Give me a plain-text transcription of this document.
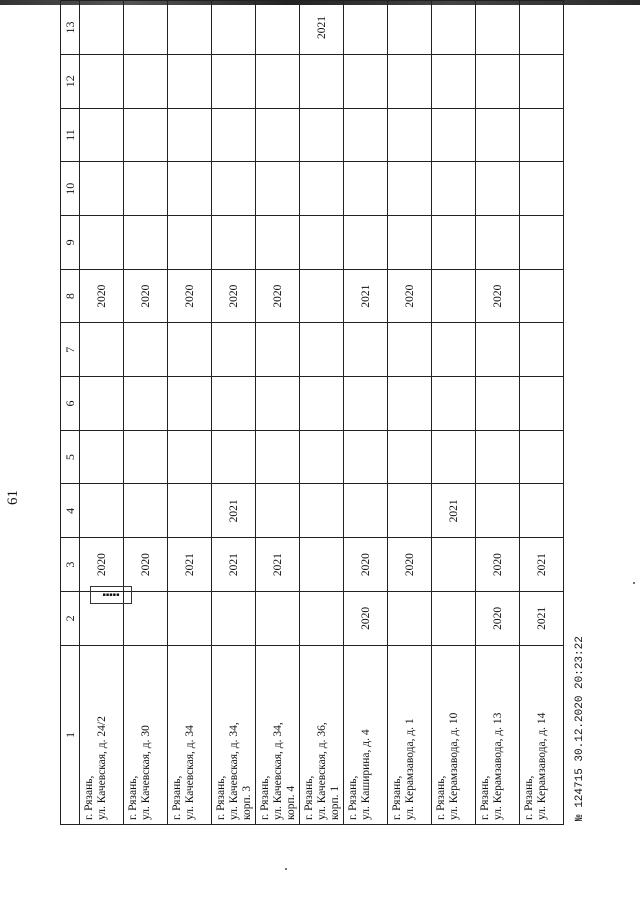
61
1	2	3	4	5	6	7	8	9	10	11	12	13

г. Рязань, ул. Качевская, д. 24/2		2020					2020					

г. Рязань, ул. Качевская, д. 30		2020					2020					

г. Рязань, ул. Качевская, д. 34		2021					2020					

г. Рязань, ул. Качевская, д. 34, корп. 3		2021	2021				2020					

г. Рязань, ул. Качевская, д. 34, корп. 4		2021					2020					

г. Рязань, ул. Качевская, д. 36, корп. 1												2021

г. Рязань, ул. Каширина, д. 4	2020	2020					2021					

г. Рязань, ул. Керамзавода, д. 1		2020					2020					

г. Рязань, ул. Керамзавода, д. 10			2021									

г. Рязань, ул. Керамзавода, д. 13	2020	2020					2020					

г. Рязань, ул. Керамзавода, д. 14	2021	2021										
№ 124715 30.12.2020 20:23:22
▪▪▪▪▪
